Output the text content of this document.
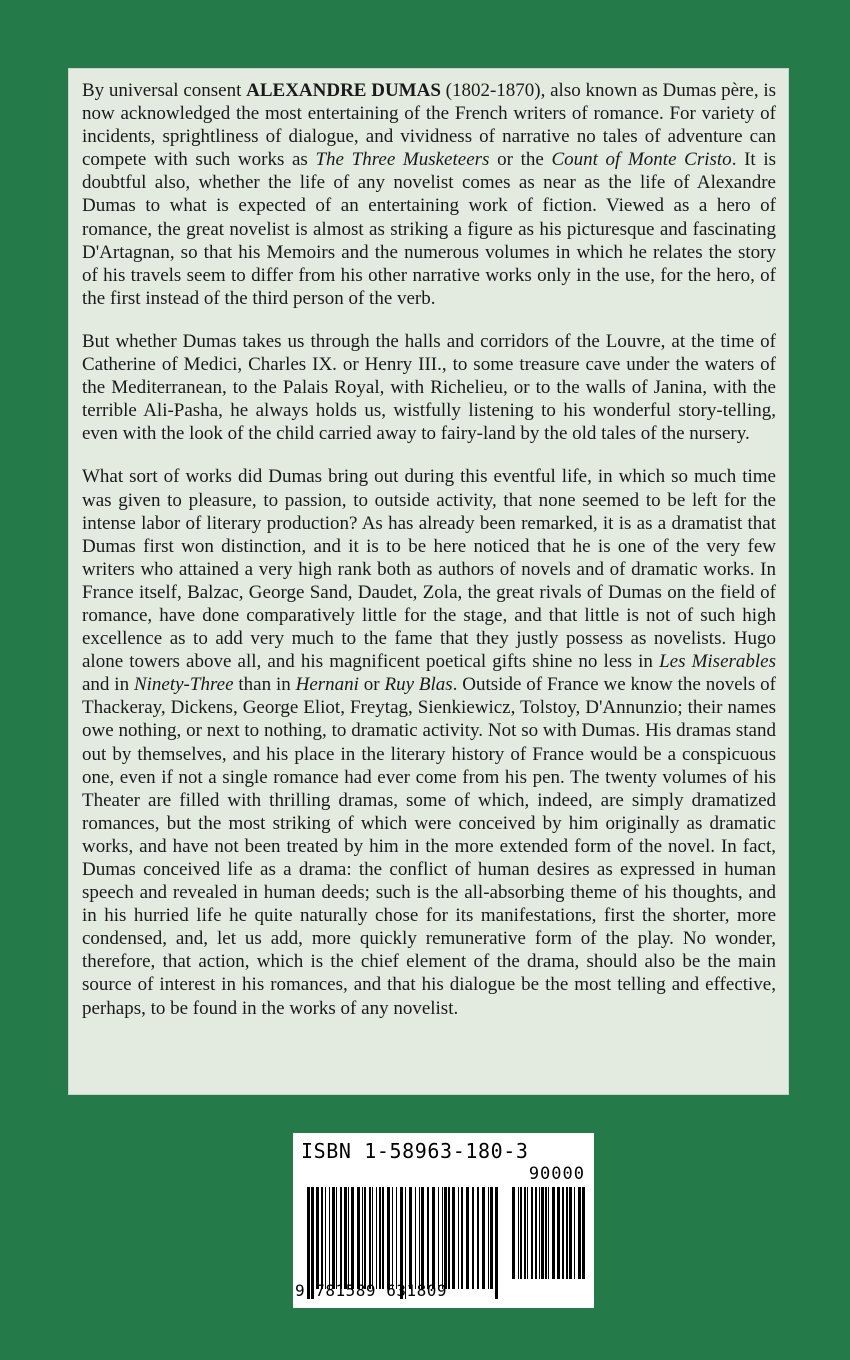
By universal consent ALEXANDRE DUMAS (1802-1870), also known as Dumas père, is now acknowledged the most entertaining of the French writers of romance. For variety of incidents, sprightliness of dialogue, and vividness of narrative no tales of adventure can compete with such works as The Three Musketeers or the Count of Monte Cristo. It is doubtful also, whether the life of any novelist comes as near as the life of Alexandre Dumas to what is expected of an entertaining work of fiction. Viewed as a hero of romance, the great novelist is almost as striking a figure as his picturesque and fascinating D'Artagnan, so that his Memoirs and the numerous volumes in which he relates the story of his travels seem to differ from his other narrative works only in the use, for the hero, of the first instead of the third person of the verb.

But whether Dumas takes us through the halls and corridors of the Louvre, at the time of Catherine of Medici, Charles IX. or Henry III., to some treasure cave under the waters of the Mediterranean, to the Palais Royal, with Richelieu, or to the walls of Janina, with the terrible Ali-Pasha, he always holds us, wistfully listening to his wonderful story-telling, even with the look of the child carried away to fairy-land by the old tales of the nursery.

What sort of works did Dumas bring out during this eventful life, in which so much time was given to pleasure, to passion, to outside activity, that none seemed to be left for the intense labor of literary production? As has already been remarked, it is as a dramatist that Dumas first won distinction, and it is to be here noticed that he is one of the very few writers who attained a very high rank both as authors of novels and of dramatic works. In France itself, Balzac, George Sand, Daudet, Zola, the great rivals of Dumas on the field of romance, have done comparatively little for the stage, and that little is not of such high excellence as to add very much to the fame that they justly possess as novelists. Hugo alone towers above all, and his magnificent poetical gifts shine no less in Les Miserables and in Ninety-Three than in Hernani or Ruy Blas. Outside of France we know the novels of Thackeray, Dickens, George Eliot, Freytag, Sienkiewicz, Tolstoy, D'Annunzio; their names owe nothing, or next to nothing, to dramatic activity. Not so with Dumas. His dramas stand out by themselves, and his place in the literary history of France would be a conspicuous one, even if not a single romance had ever come from his pen. The twenty volumes of his Theater are filled with thrilling dramas, some of which, indeed, are simply dramatized romances, but the most striking of which were conceived by him originally as dramatic works, and have not been treated by him in the more extended form of the novel. In fact, Dumas conceived life as a drama: the conflict of human desires as expressed in human speech and revealed in human deeds; such is the all-absorbing theme of his thoughts, and in his hurried life he quite naturally chose for its manifestations, first the shorter, more condensed, and, let us add, more quickly remunerative form of the play. No wonder, therefore, that action, which is the chief element of the drama, should also be the main source of interest in his romances, and that his dialogue be the most telling and effective, perhaps, to be found in the works of any novelist.

ISBN 1-58963-180-3
90000
9 781589 631809
